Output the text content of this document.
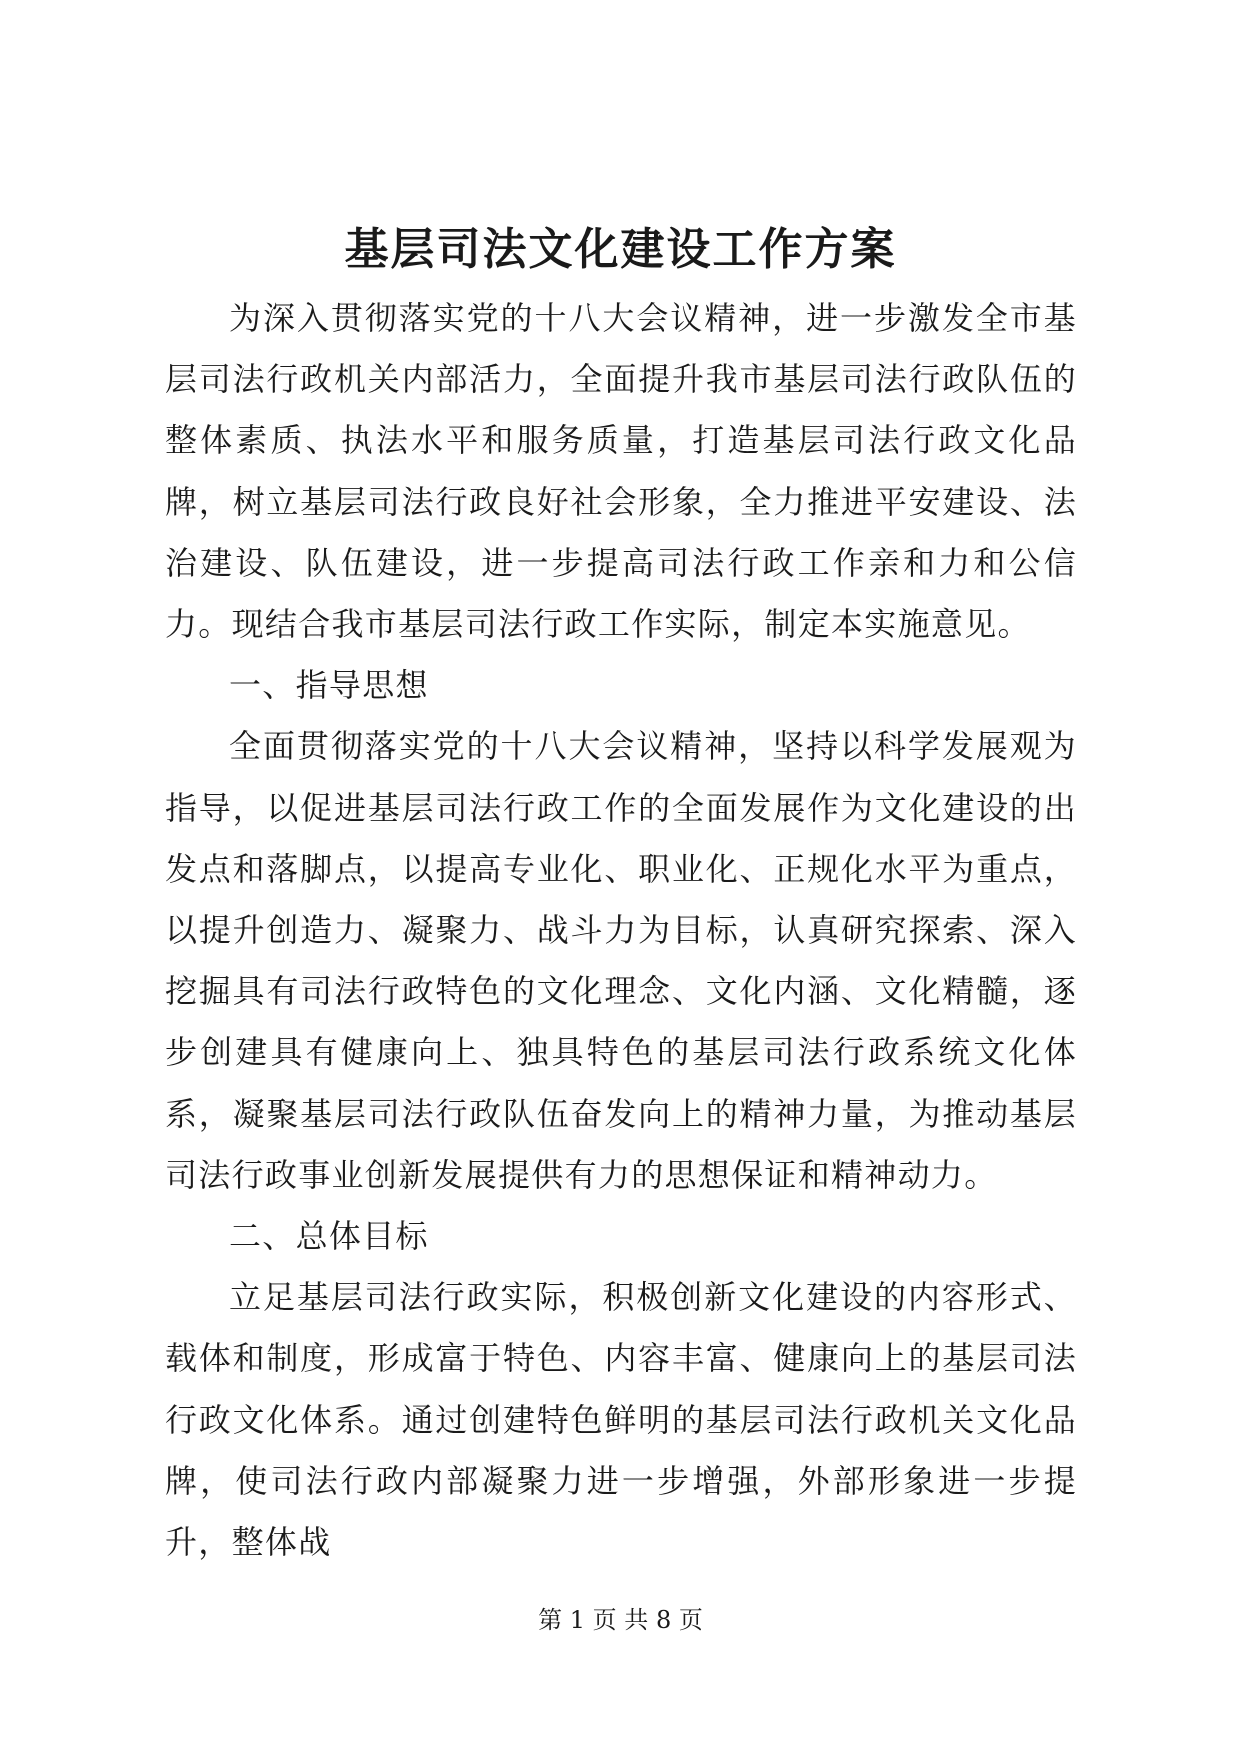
基层司法文化建设工作方案

为深入贯彻落实党的十八大会议精神，进一步激发全市基层司法行政机关内部活力，全面提升我市基层司法行政队伍的整体素质、执法水平和服务质量，打造基层司法行政文化品牌，树立基层司法行政良好社会形象，全力推进平安建设、法治建设、队伍建设，进一步提高司法行政工作亲和力和公信力。现结合我市基层司法行政工作实际，制定本实施意见。

一、指导思想

全面贯彻落实党的十八大会议精神，坚持以科学发展观为指导，以促进基层司法行政工作的全面发展作为文化建设的出发点和落脚点，以提高专业化、职业化、正规化水平为重点，以提升创造力、凝聚力、战斗力为目标，认真研究探索、深入挖掘具有司法行政特色的文化理念、文化内涵、文化精髓，逐步创建具有健康向上、独具特色的基层司法行政系统文化体系，凝聚基层司法行政队伍奋发向上的精神力量，为推动基层司法行政事业创新发展提供有力的思想保证和精神动力。

二、总体目标

立足基层司法行政实际，积极创新文化建设的内容形式、载体和制度，形成富于特色、内容丰富、健康向上的基层司法行政文化体系。通过创建特色鲜明的基层司法行政机关文化品牌，使司法行政内部凝聚力进一步增强，外部形象进一步提升，整体战

第 1 页 共 8 页
